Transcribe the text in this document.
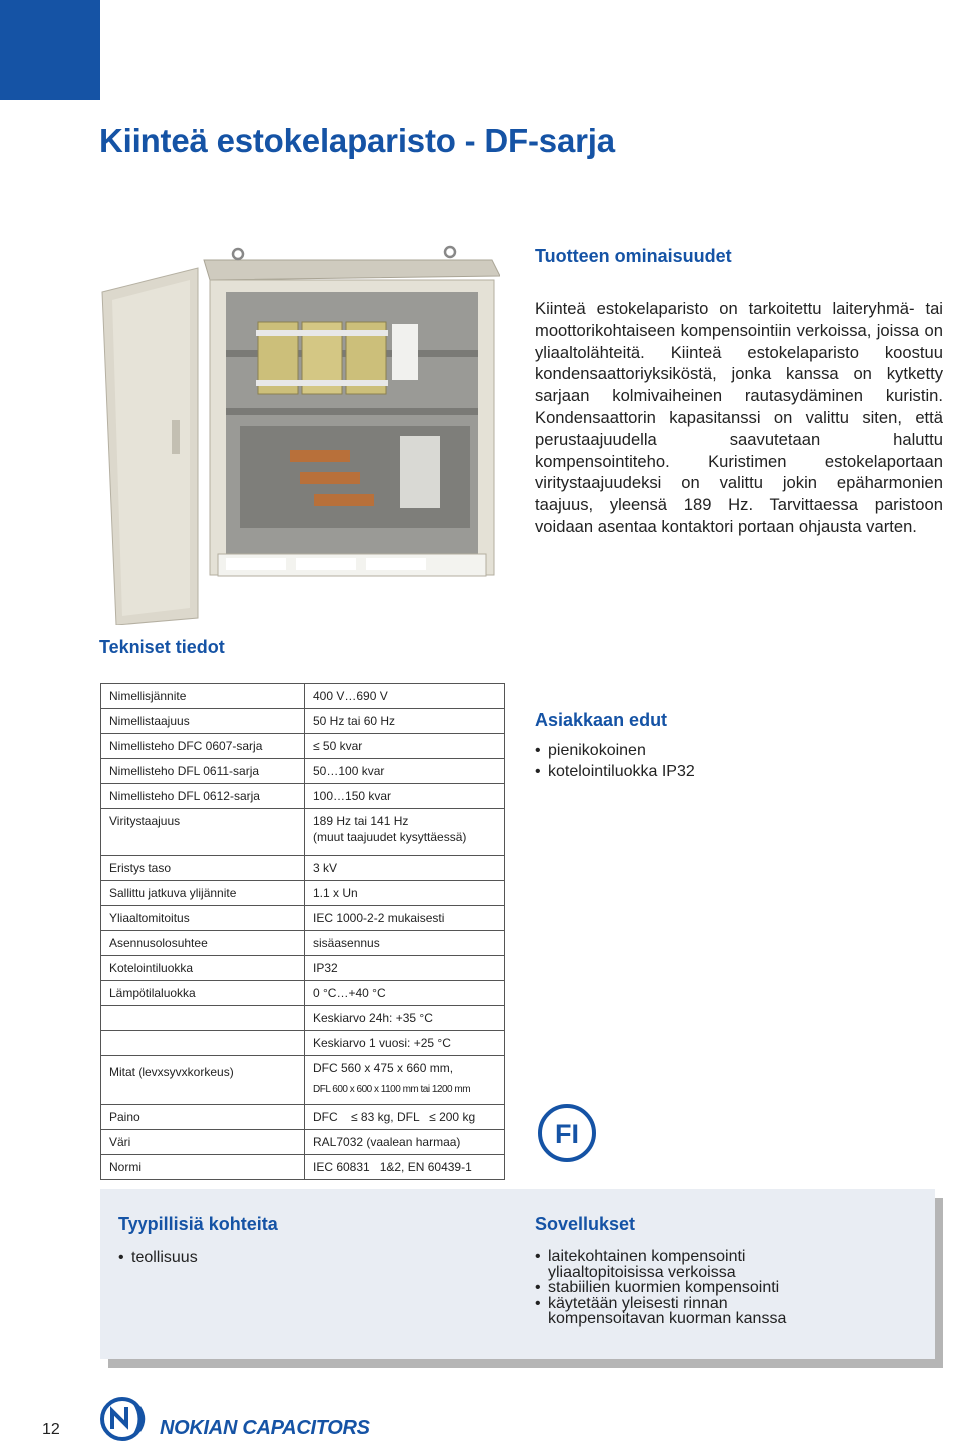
Kiinteä estokelaparisto - DF-sarja
Tuotteen ominaisuudet

Kiinteä estokelaparisto on tarkoitettu laiteryhmä- tai moottorikohtaiseen kompensointiin verkoissa, joissa on yliaaltolähteitä. Kiinteä estokelaparisto koostuu kondensaattoriyksiköstä, jonka kanssa on kytketty sarjaan kolmivaiheinen rautasydäminen kuristin. Kondensaattorin kapasitanssi on valittu siten, että perustaajuudella saavutetaan haluttu kompensointiteho. Kuristimen estokelaportaan viritystaajuudeksi on valittu jokin epäharmonien taajuus, yleensä 189 Hz. Tarvittaessa paristoon voidaan asentaa kontaktori portaan ohjausta varten.

Tekniset tiedot
Nimellisjännite	400 V…690 V
Nimellistaajuus	50 Hz tai 60 Hz
Nimellisteho DFC 0607-sarja	≤ 50 kvar
Nimellisteho DFL 0611-sarja	50…100 kvar
Nimellisteho DFL 0612-sarja	100…150 kvar
Viritystaajuus	189 Hz tai 141 Hz
(muut taajuudet kysyttäessä)

Eristys taso	3 kV
Sallittu jatkuva ylijännite	1.1 x Un
Yliaaltomitoitus	IEC 1000-2-2 mukaisesti
Asennusolosuhtee	sisäasennus
Kotelointiluokka	IP32
Lämpötilaluokka	0 °C…+40 °C
	Keskiarvo 24h: +35 °C
	Keskiarvo 1 vuosi: +25 °C
Mitat (levxsyvxkorkeus)	DFC 560 x 475 x 660 mm,
DFL 600 x 600 x 1100 mm tai 1200 mm

Paino	DFC    ≤ 83 kg, DFL   ≤ 200 kg
Väri	RAL7032 (vaalean harmaa)
Normi	IEC 60831   1&2, EN 60439-1
Asiakkaan edut
• pienikokoinen
• kotelointiluokka IP32
FI
Tyypillisiä kohteita
• teollisuus
Sovellukset
• laitekohtainen kompensointi
yliaaltopitoisissa verkoissa
• stabiilien kuormien kompensointi
• käytetään yleisesti rinnan
kompensoitavan kuorman kanssa
12	NOKIAN CAPACITORS
